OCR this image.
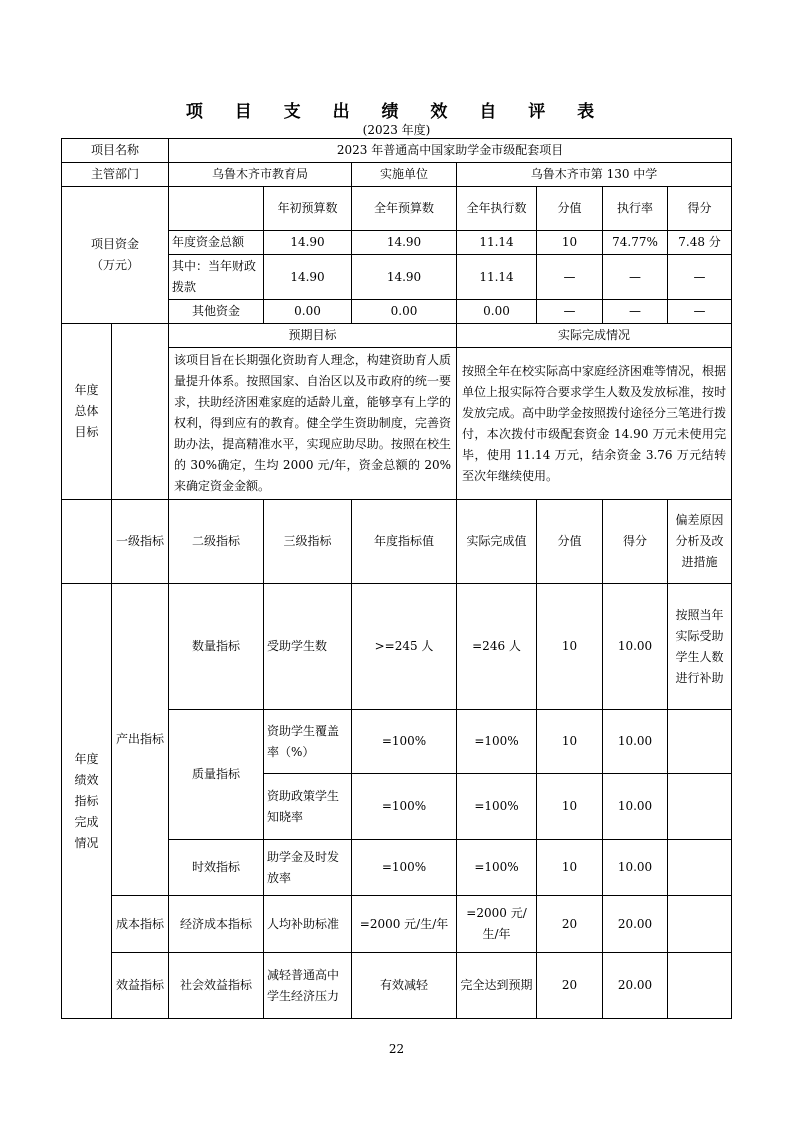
项 目 支 出 绩 效 自 评 表
(2023 年度)
项目名称		2023 年普通高中国家助学金市级配套项目						
主管部门		乌鲁木齐市教育局		实施单位	乌鲁木齐市第 130 中学			
项目资金
（万元）			年初预算数	全年预算数	全年执行数	分值	执行率	得分
		年度资金总额	14.90	14.90	11.14	10	74.77%	7.48 分
		其中：当年财政拨款	14.90	14.90	11.14	—	—	—
		其他资金	0.00	0.00	0.00	—	—	—
年度
总体
目标		预期目标			实际完成情况			
		该项目旨在长期强化资助育人理念，构建资助育人质量提升体系。按照国家、自治区以及市政府的统一要求，扶助经济困难家庭的适龄儿童，能够享有上学的权利，得到应有的教育。健全学生资助制度，完善资助办法，提高精准水平，实现应助尽助。按照在校生的 30%确定，生均 2000 元/年，资金总额的 20%来确定资金金额。			按照全年在校实际高中家庭经济困难等情况，根据单位上报实际符合要求学生人数及发放标准，按时发放完成。高中助学金按照拨付途径分三笔进行拨付，本次拨付市级配套资金 14.90 万元未使用完毕，使用 11.14 万元，结余资金 3.76 万元结转至次年继续使用。			
	一级指标	二级指标	三级指标	年度指标值	实际完成值	分值	得分	偏差原因分析及改进措施
年度
绩效
指标
完成
情况	产出指标	数量指标	受助学生数	>=245 人	=246 人	10	10.00	按照当年实际受助学生人数进行补助
		质量指标	资助学生覆盖率（%）	=100%	=100%	10	10.00	
			资助政策学生知晓率	=100%	=100%	10	10.00	
		时效指标	助学金及时发放率	=100%	=100%	10	10.00	
	成本指标	经济成本指标	人均补助标准	=2000 元/生/年	=2000 元/生/年	20	20.00	
	效益指标	社会效益指标	减轻普通高中学生经济压力	有效减轻	完全达到预期	20	20.00	
22
